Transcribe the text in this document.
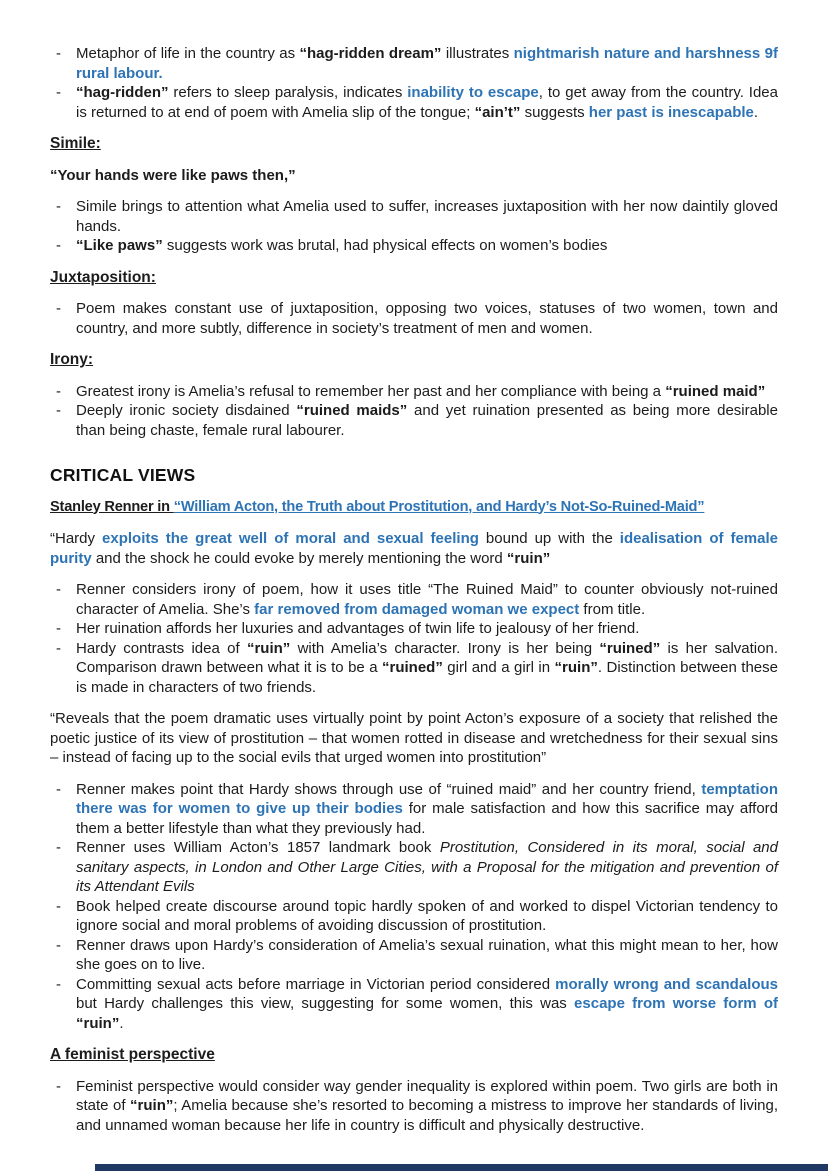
- Metaphor of life in the country as “hag-ridden dream” illustrates nightmarish nature and harshness 9f rural labour.
- “hag-ridden” refers to sleep paralysis, indicates inability to escape, to get away from the country. Idea is returned to at end of poem with Amelia slip of the tongue; “ain’t” suggests her past is inescapable.
Simile:

“Your hands were like paws then,”

- Simile brings to attention what Amelia used to suffer, increases juxtaposition with her now daintily gloved hands.
- “Like paws” suggests work was brutal, had physical effects on women’s bodies
Juxtaposition:
- Poem makes constant use of juxtaposition, opposing two voices, statuses of two women, town and country, and more subtly, difference in society’s treatment of men and women.
Irony:
- Greatest irony is Amelia’s refusal to remember her past and her compliance with being a “ruined maid”
- Deeply ironic society disdained “ruined maids” and yet ruination presented as being more desirable than being chaste, female rural labourer.
CRITICAL VIEWS

Stanley Renner in “William Acton, the Truth about Prostitution, and Hardy’s Not-So-Ruined-Maid”

“Hardy exploits the great well of moral and sexual feeling bound up with the idealisation of female purity and the shock he could evoke by merely mentioning the word “ruin”

- Renner considers irony of poem, how it uses title “The Ruined Maid” to counter obviously not-ruined character of Amelia. She’s far removed from damaged woman we expect from title.
- Her ruination affords her luxuries and advantages of twin life to jealousy of her friend.
- Hardy contrasts idea of “ruin” with Amelia’s character. Irony is her being “ruined” is her salvation. Comparison drawn between what it is to be a “ruined” girl and a girl in “ruin”. Distinction between these is made in characters of two friends.

“Reveals that the poem dramatic uses virtually point by point Acton’s exposure of a society that relished the poetic justice of its view of prostitution – that women rotted in disease and wretchedness for their sexual sins – instead of facing up to the social evils that urged women into prostitution”

- Renner makes point that Hardy shows through use of “ruined maid” and her country friend, temptation there was for women to give up their bodies for male satisfaction and how this sacrifice may afford them a better lifestyle than what they previously had.
- Renner uses William Acton’s 1857 landmark book Prostitution, Considered in its moral, social and sanitary aspects, in London and Other Large Cities, with a Proposal for the mitigation and prevention of its Attendant Evils
- Book helped create discourse around topic hardly spoken of and worked to dispel Victorian tendency to ignore social and moral problems of avoiding discussion of prostitution.
- Renner draws upon Hardy’s consideration of Amelia’s sexual ruination, what this might mean to her, how she goes on to live.
- Committing sexual acts before marriage in Victorian period considered morally wrong and scandalous but Hardy challenges this view, suggesting for some women, this was escape from worse form of “ruin”.
A feminist perspective
- Feminist perspective would consider way gender inequality is explored within poem. Two girls are both in state of “ruin”; Amelia because she’s resorted to becoming a mistress to improve her standards of living, and unnamed woman because her life in country is difficult and physically destructive.
